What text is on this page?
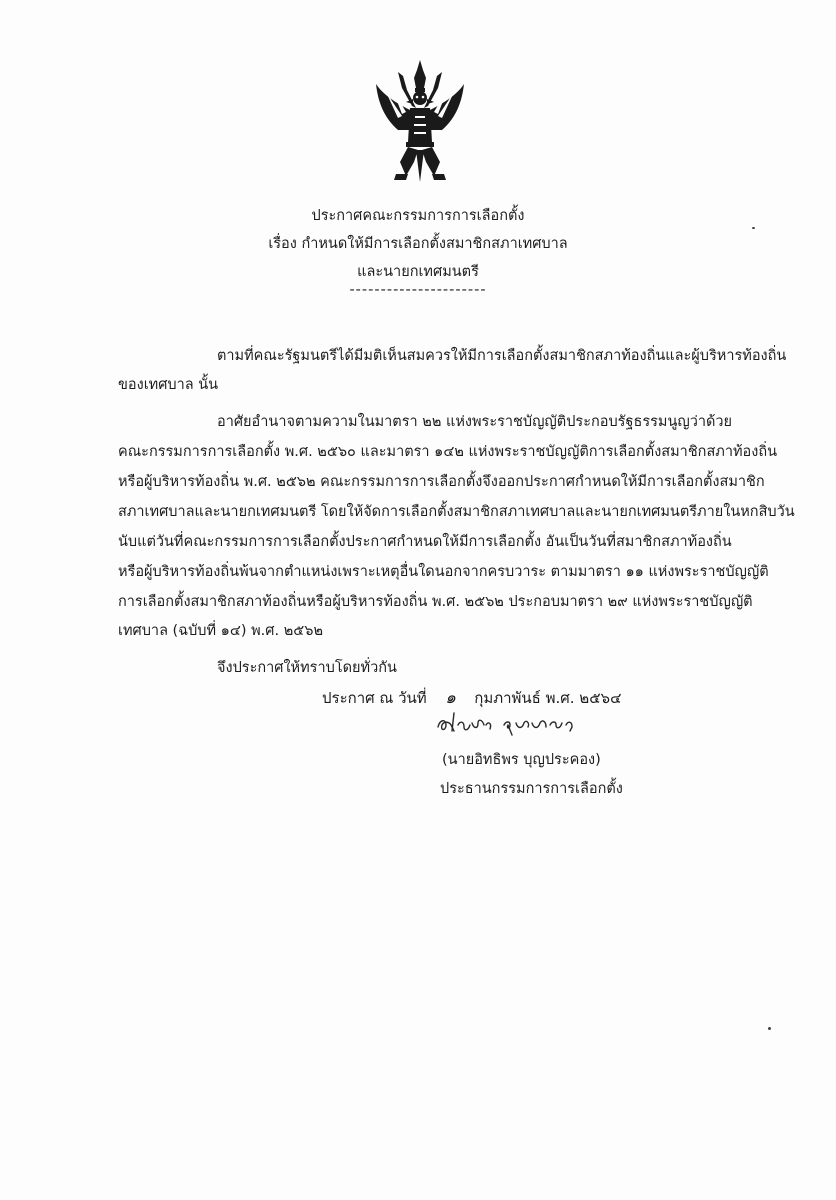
ประกาศคณะกรรมการการเลือกตั้ง
เรื่อง กำหนดให้มีการเลือกตั้งสมาชิกสภาเทศบาล
และนายกเทศมนตรี
----------------------
ตามที่คณะรัฐมนตรีได้มีมติเห็นสมควรให้มีการเลือกตั้งสมาชิกสภาท้องถิ่นและผู้บริหารท้องถิ่น
ของเทศบาล นั้น
อาศัยอำนาจตามความในมาตรา ๒๒ แห่งพระราชบัญญัติประกอบรัฐธรรมนูญว่าด้วย
คณะกรรมการการเลือกตั้ง พ.ศ. ๒๕๖๐ และมาตรา ๑๔๒ แห่งพระราชบัญญัติการเลือกตั้งสมาชิกสภาท้องถิ่น
หรือผู้บริหารท้องถิ่น พ.ศ. ๒๕๖๒ คณะกรรมการการเลือกตั้งจึงออกประกาศกำหนดให้มีการเลือกตั้งสมาชิก
สภาเทศบาลและนายกเทศมนตรี โดยให้จัดการเลือกตั้งสมาชิกสภาเทศบาลและนายกเทศมนตรีภายในหกสิบวัน
นับแต่วันที่คณะกรรมการการเลือกตั้งประกาศกำหนดให้มีการเลือกตั้ง อันเป็นวันที่สมาชิกสภาท้องถิ่น
หรือผู้บริหารท้องถิ่นพ้นจากตำแหน่งเพราะเหตุอื่นใดนอกจากครบวาระ ตามมาตรา ๑๑ แห่งพระราชบัญญัติ
การเลือกตั้งสมาชิกสภาท้องถิ่นหรือผู้บริหารท้องถิ่น พ.ศ. ๒๕๖๒ ประกอบมาตรา ๒๙ แห่งพระราชบัญญัติ
เทศบาล (ฉบับที่ ๑๔) พ.ศ. ๒๕๖๒
จึงประกาศให้ทราบโดยทั่วกัน
ประกาศ ณ วันที่ ๑ กุมภาพันธ์ พ.ศ. ๒๕๖๔
(นายอิทธิพร บุญประคอง)
ประธานกรรมการการเลือกตั้ง
